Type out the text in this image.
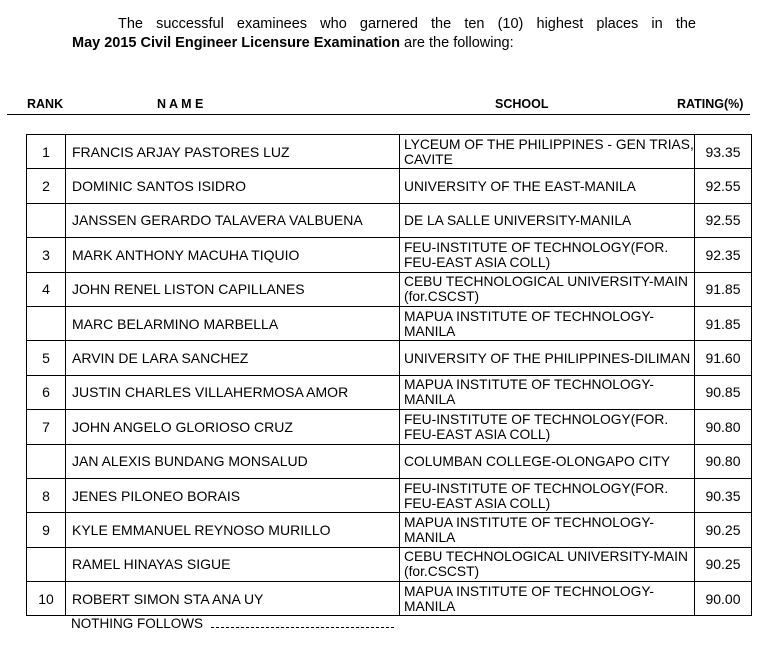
The successful examinees who garnered the ten (10) highest places in the
May 2015 Civil Engineer Licensure Examination are the following:
RANK	N A M E	SCHOOL	RATING(%)
1	FRANCIS ARJAY PASTORES LUZ	LYCEUM OF THE PHILIPPINES - GEN TRIAS, CAVITE	93.35
2	DOMINIC SANTOS ISIDRO	UNIVERSITY OF THE EAST-MANILA	92.55
	JANSSEN GERARDO TALAVERA VALBUENA	DE LA SALLE UNIVERSITY-MANILA	92.55
3	MARK ANTHONY MACUHA TIQUIO	FEU-INSTITUTE OF TECHNOLOGY(FOR. FEU-EAST ASIA COLL)	92.35
4	JOHN RENEL LISTON CAPILLANES	CEBU TECHNOLOGICAL UNIVERSITY-MAIN (for.CSCST)	91.85
	MARC BELARMINO MARBELLA	MAPUA INSTITUTE OF TECHNOLOGY-MANILA	91.85
5	ARVIN DE LARA SANCHEZ	UNIVERSITY OF THE PHILIPPINES-DILIMAN	91.60
6	JUSTIN CHARLES VILLAHERMOSA AMOR	MAPUA INSTITUTE OF TECHNOLOGY-MANILA	90.85
7	JOHN ANGELO GLORIOSO CRUZ	FEU-INSTITUTE OF TECHNOLOGY(FOR. FEU-EAST ASIA COLL)	90.80
	JAN ALEXIS BUNDANG MONSALUD	COLUMBAN COLLEGE-OLONGAPO CITY	90.80
8	JENES PILONEO BORAIS	FEU-INSTITUTE OF TECHNOLOGY(FOR. FEU-EAST ASIA COLL)	90.35
9	KYLE EMMANUEL REYNOSO MURILLO	MAPUA INSTITUTE OF TECHNOLOGY-MANILA	90.25
	RAMEL HINAYAS SIGUE	CEBU TECHNOLOGICAL UNIVERSITY-MAIN (for.CSCST)	90.25
10	ROBERT SIMON STA ANA UY	MAPUA INSTITUTE OF TECHNOLOGY-MANILA	90.00
NOTHING FOLLOWS
